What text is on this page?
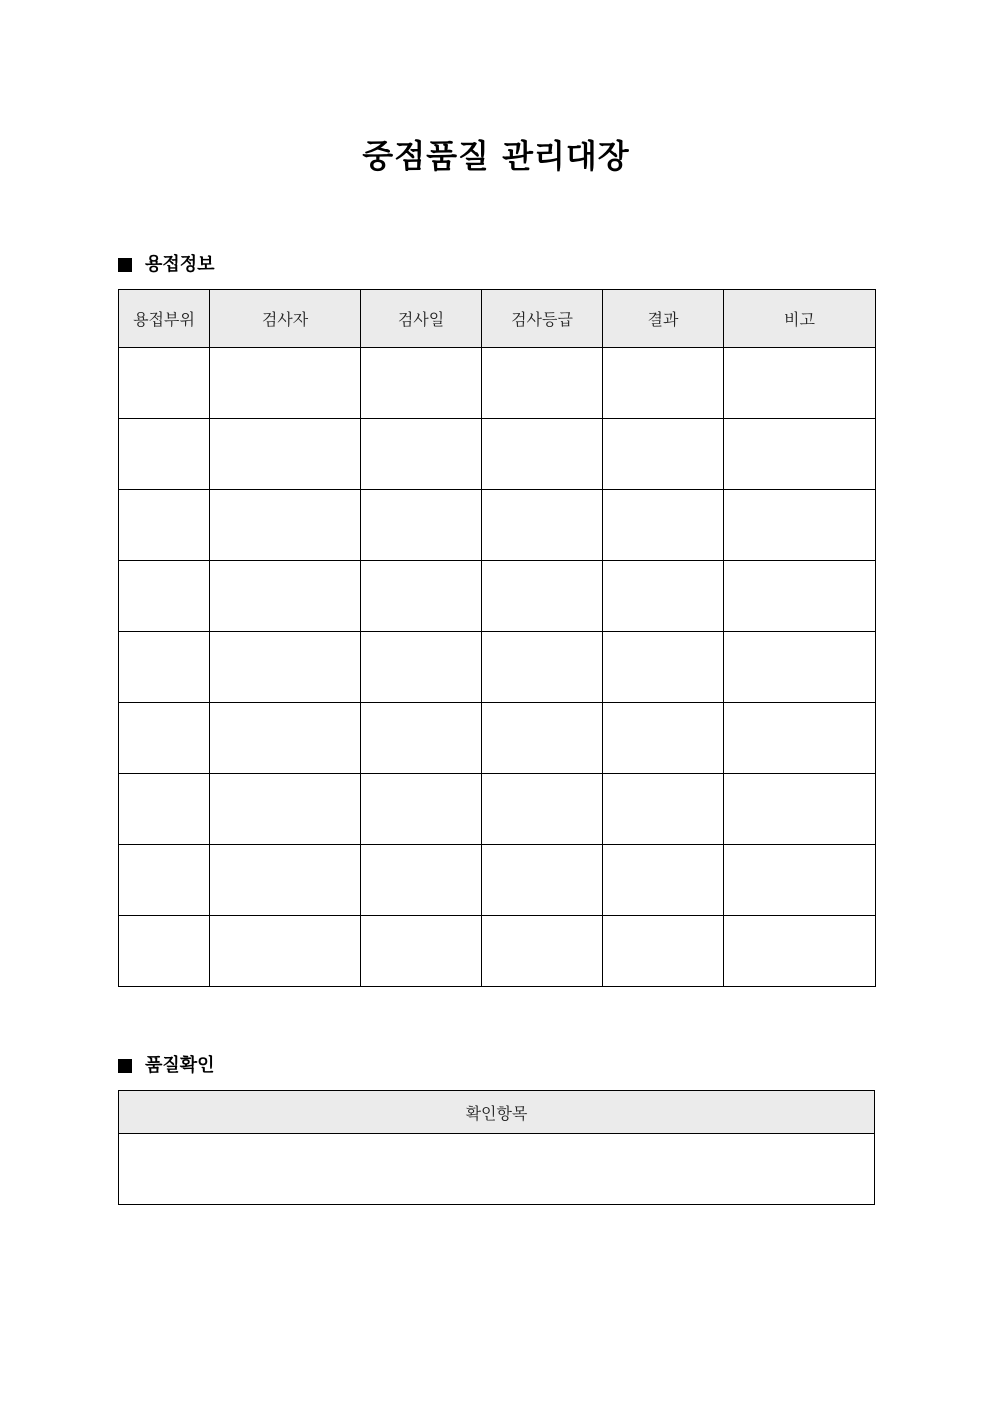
중점품질 관리대장
용접정보
용접부위	검사자	검사일	검사등급	결과	비고

품질확인
확인항목
